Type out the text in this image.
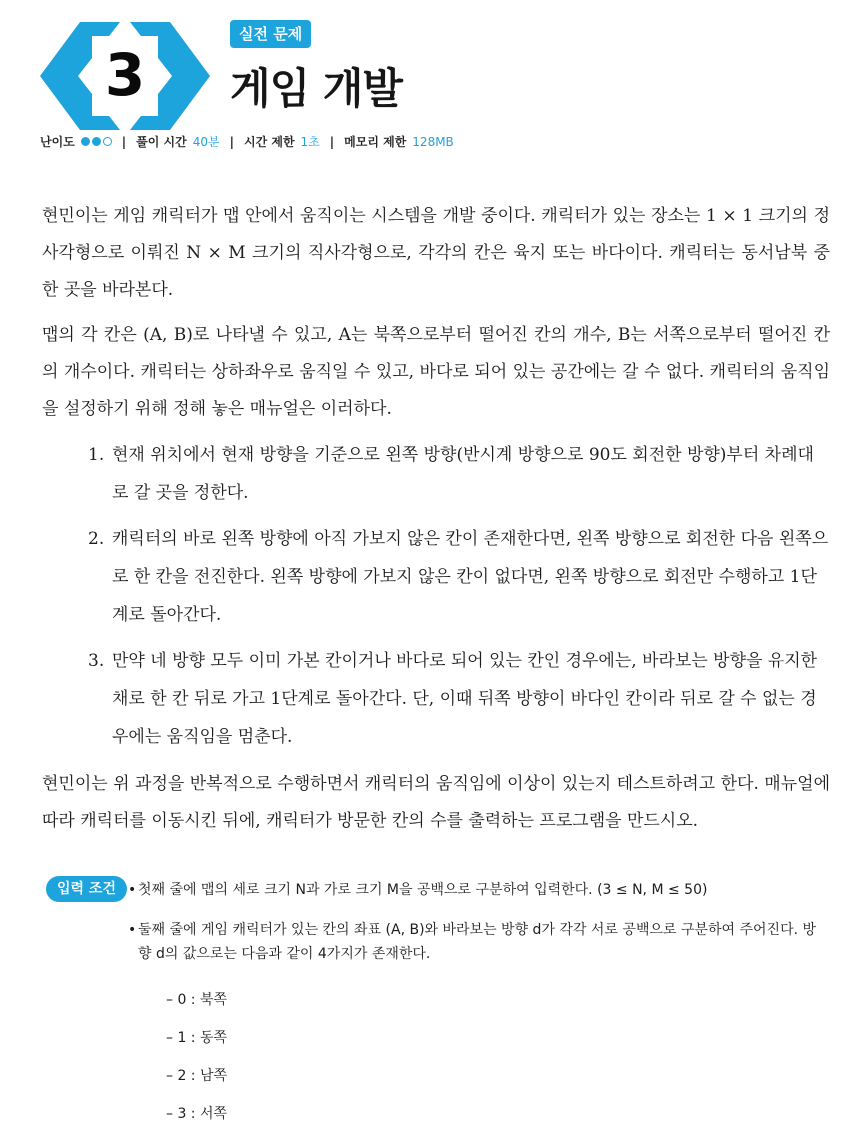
3
실전 문제
게임 개발
난이도	| 풀이 시간 40분 | 시간 제한 1초 | 메모리 제한 128MB

현민이는 게임 캐릭터가 맵 안에서 움직이는 시스템을 개발 중이다. 캐릭터가 있는 장소는 1 × 1 크기의 정사각형으로 이뤄진 N × M 크기의 직사각형으로, 각각의 칸은 육지 또는 바다이다. 캐릭터는 동서남북 중 한 곳을 바라본다.

맵의 각 칸은 (A, B)로 나타낼 수 있고, A는 북쪽으로부터 떨어진 칸의 개수, B는 서쪽으로부터 떨어진 칸의 개수이다. 캐릭터는 상하좌우로 움직일 수 있고, 바다로 되어 있는 공간에는 갈 수 없다. 캐릭터의 움직임을 설정하기 위해 정해 놓은 매뉴얼은 이러하다.

1. 현재 위치에서 현재 방향을 기준으로 왼쪽 방향(반시계 방향으로 90도 회전한 방향)부터 차례대로 갈 곳을 정한다.
2. 캐릭터의 바로 왼쪽 방향에 아직 가보지 않은 칸이 존재한다면, 왼쪽 방향으로 회전한 다음 왼쪽으로 한 칸을 전진한다. 왼쪽 방향에 가보지 않은 칸이 없다면, 왼쪽 방향으로 회전만 수행하고 1단계로 돌아간다.
3. 만약 네 방향 모두 이미 가본 칸이거나 바다로 되어 있는 칸인 경우에는, 바라보는 방향을 유지한 채로 한 칸 뒤로 가고 1단계로 돌아간다. 단, 이때 뒤쪽 방향이 바다인 칸이라 뒤로 갈 수 없는 경우에는 움직임을 멈춘다.

현민이는 위 과정을 반복적으로 수행하면서 캐릭터의 움직임에 이상이 있는지 테스트하려고 한다. 매뉴얼에 따라 캐릭터를 이동시킨 뒤에, 캐릭터가 방문한 칸의 수를 출력하는 프로그램을 만드시오.

입력 조건
•	첫째 줄에 맵의 세로 크기 N과 가로 크기 M을 공백으로 구분하여 입력한다. (3 ≤ N, M ≤ 50)
• 둘째 줄에 게임 캐릭터가 있는 칸의 좌표 (A, B)와 바라보는 방향 d가 각각 서로 공백으로 구분하여 주어진다. 방향 d의 값으로는 다음과 같이 4가지가 존재한다.
– 0 : 북쪽
– 1 : 동쪽
– 2 : 남쪽
– 3 : 서쪽
